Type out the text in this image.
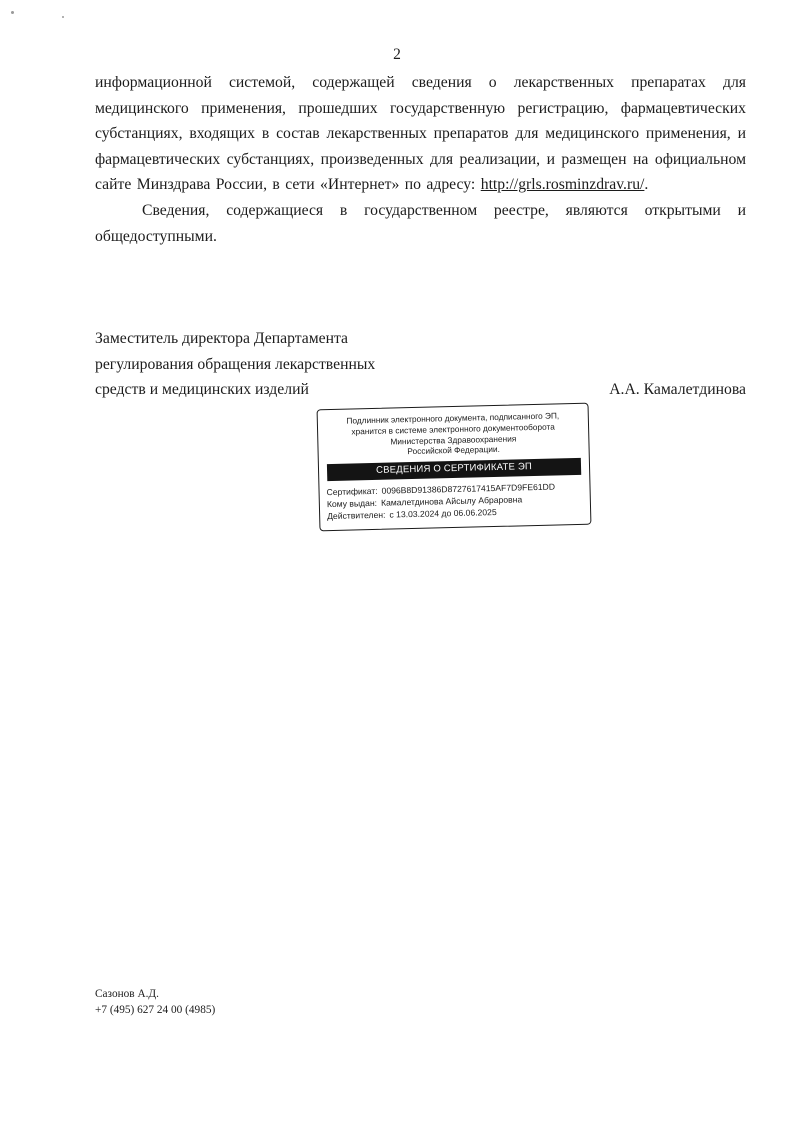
2

информационной системой, содержащей сведения о лекарственных препаратах для медицинского применения, прошедших государственную регистрацию, фармацевтических субстанциях, входящих в состав лекарственных препаратов для медицинского применения, и фармацевтических субстанциях, произведенных для реализации, и размещен на официальном сайте Минздрава России, в сети «Интернет» по адресу: http://grls.rosminzdrav.ru/.

Сведения, содержащиеся в государственном реестре, являются открытыми и общедоступными.

Заместитель директора Департамента
регулирования обращения лекарственных
средств и медицинских изделий	А.А. Камалетдинова
Подлинник электронного документа, подписанного ЭП,
хранится в системе электронного документооборота
Министерства Здравоохранения
Российской Федерации.
СВЕДЕНИЯ О СЕРТИФИКАТЕ ЭП
Сертификат: 0096B8D91386D8727617415AF7D9FE61DD
Кому выдан: Камалетдинова Айсылу Абраровна
Действителен: с 13.03.2024 до 06.06.2025
Сазонов А.Д.
+7 (495) 627 24 00 (4985)
